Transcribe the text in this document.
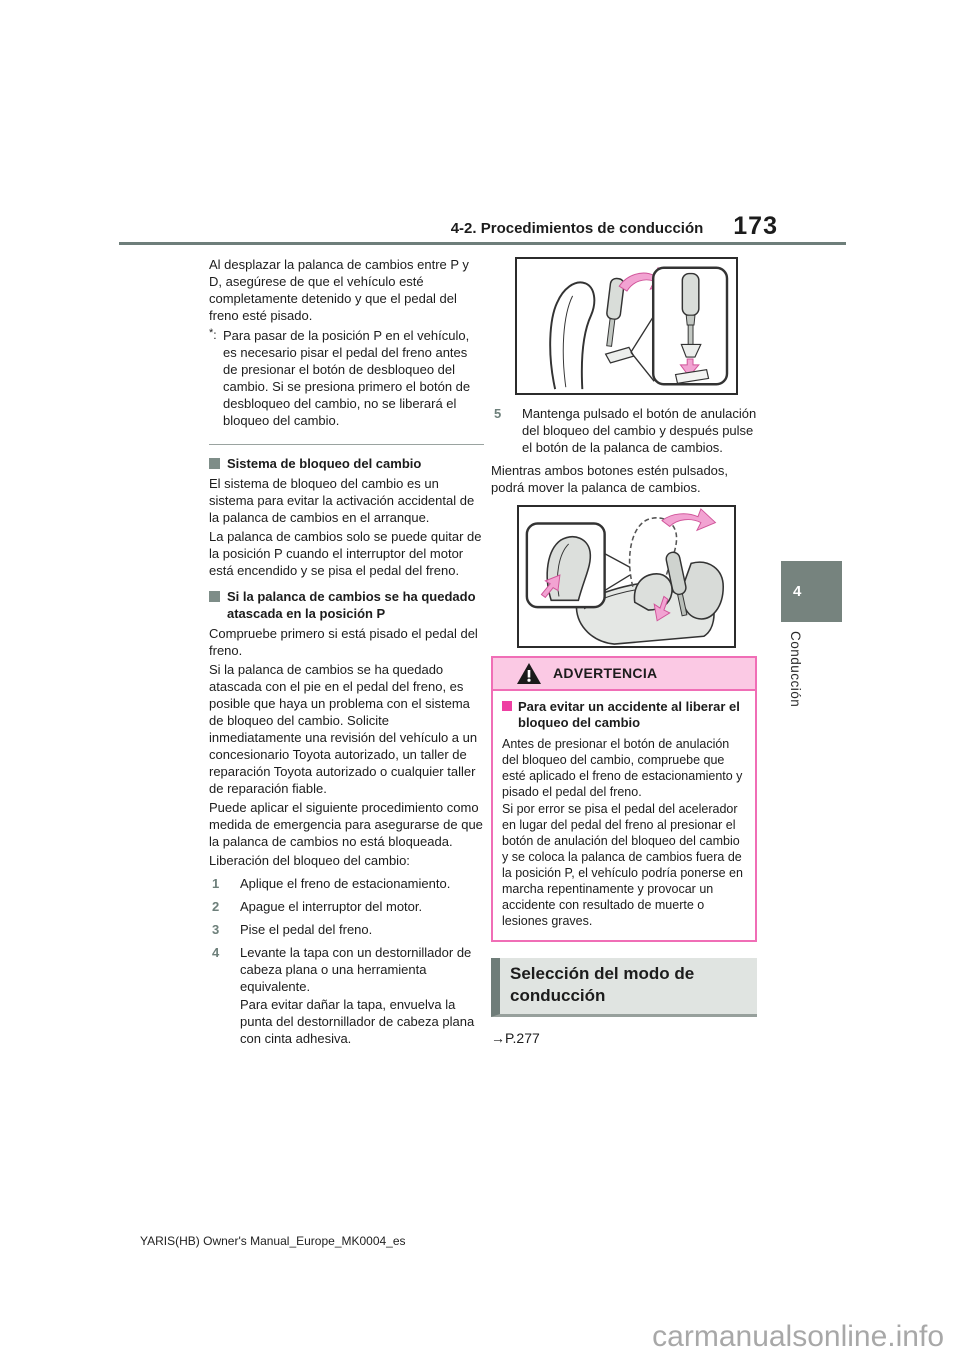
4-2. Procedimientos de conducción 173

Al desplazar la palanca de cambios entre P y D, asegúrese de que el vehículo esté completamente detenido y que el pedal del freno esté pisado.

*: Para pasar de la posición P en el vehículo, es necesario pisar el pedal del freno antes de presionar el botón de desbloqueo del cambio. Si se presiona primero el botón de desbloqueo del cambio, no se liberará el bloqueo del cambio.
Sistema de bloqueo del cambio

El sistema de bloqueo del cambio es un sistema para evitar la activación accidental de la palanca de cambios en el arranque.

La palanca de cambios solo se puede quitar de la posición P cuando el interruptor del motor está encendido y se pisa el pedal del freno.

Si la palanca de cambios se ha quedado atascada en la posición P

Compruebe primero si está pisado el pedal del freno.

Si la palanca de cambios se ha quedado atascada con el pie en el pedal del freno, es posible que haya un problema con el sistema de bloqueo del cambio. Solicite inmediatamente una revisión del vehículo a un concesionario Toyota autorizado, un taller de reparación Toyota autorizado o cualquier taller de reparación fiable.

Puede aplicar el siguiente procedimiento como medida de emergencia para asegurarse de que la palanca de cambios no está bloqueada.

Liberación del bloqueo del cambio:

1	Aplique el freno de estacionamiento.
2	Apague el interruptor del motor.
3	Pise el pedal del freno.
4	Levante la tapa con un destornillador de cabeza plana o una herramienta equivalente.
Para evitar dañar la tapa, envuelva la punta del destornillador de cabeza plana con cinta adhesiva.
5	Mantenga pulsado el botón de anulación del bloqueo del cambio y después pulse el botón de la palanca de cambios.

Mientras ambos botones estén pulsados, podrá mover la palanca de cambios.

ADVERTENCIA
Para evitar un accidente al liberar el bloqueo del cambio

Antes de presionar el botón de anulación del bloqueo del cambio, compruebe que esté aplicado el freno de estacionamiento y pisado el pedal del freno.

Si por error se pisa el pedal del acelerador en lugar del pedal del freno al presionar el botón de anulación del bloqueo del cambio y se coloca la palanca de cambios fuera de la posición P, el vehículo podría ponerse en marcha repentinamente y provocar un accidente con resultado de muerte o lesiones graves.

Selección del modo de conducción
→P.277
4
Conducción
YARIS(HB) Owner's Manual_Europe_MK0004_es
carmanualsonline.info
